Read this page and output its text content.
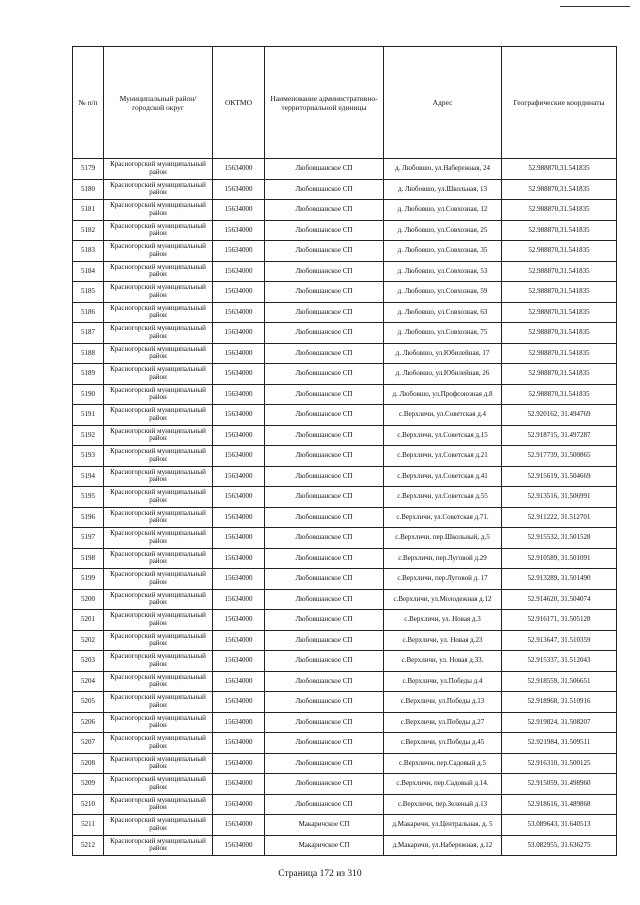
№ п/п	Муниципальный район/городской округ	ОКТМО	Наименование административно-территориальной единицы	Адрес	Географические координаты
5179	Красногорский муниципальный район	15634000	Любовшанское СП	д. Любовшо, ул.Набережная, 24	52.988870,31.541835
5180	Красногорский муниципальный район	15634000	Любовшанское СП	д. Любовшо, ул.Школьная, 13	52.988870,31.541835
5181	Красногорский муниципальный район	15634000	Любовшанское СП	д. Любовшо, ул.Совхозная, 12	52.988870,31.541835
5182	Красногорский муниципальный район	15634000	Любовшанское СП	д. Любовшо, ул.Совхозная, 25	52.988870,31.541835
5183	Красногорский муниципальный район	15634000	Любовшанское СП	д. Любовшо, ул.Совхозная, 35	52.988870,31.541835
5184	Красногорский муниципальный район	15634000	Любовшанское СП	д. Любовшо, ул.Совхозная, 53	52.988870,31.541835
5185	Красногорский муниципальный район	15634000	Любовшанское СП	д. Любовшо, ул.Совхозная, 59	52.988870,31.541835
5186	Красногорский муниципальный район	15634000	Любовшанское СП	д. Любовшо, ул.Совхозная, 63	52.988870,31.541835
5187	Красногорский муниципальный район	15634000	Любовшанское СП	д. Любовшо, ул.Совхозная, 75	52.988870,31.541835
5188	Красногорский муниципальный район	15634000	Любовшанское СП	д. Любовшо, ул.Юбилейная, 17	52.988870,31.541835
5189	Красногорский муниципальный район	15634000	Любовшанское СП	д. Любовшо, ул.Юбилейная, 26	52.988870,31.541835
5190	Красногорский муниципальный район	15634000	Любовшанское СП	д. Любовшо, ул.Профсоюзная д.8	52.988870,31.541835
5191	Красногорский муниципальный район	15634000	Любовшанское СП	с.Верхличи, ул.Советская д.4	52.920162, 31.494769
5192	Красногорский муниципальный район	15634000	Любовшанское СП	с.Верхличи, ул.Советская д.15	52.918715, 31.497287
5193	Красногорский муниципальный район	15634000	Любовшанское СП	с.Верхличи, ул.Советская д.21	52.917739, 31.500865
5194	Красногорский муниципальный район	15634000	Любовшанское СП	с.Верхличи, ул.Советская д.41	52.915619, 31.504669
5195	Красногорский муниципальный район	15634000	Любовшанское СП	с.Верхличи, ул.Советская д.55	52.913516, 31.506991
5196	Красногорский муниципальный район	15634000	Любовшанское СП	с.Верхличи, ул.Советская д.71.	52.911222, 31.512701
5197	Красногорский муниципальный район	15634000	Любовшанское СП	с.Верхличи, пер.Школьный, д.5	52.915532, 31.501528
5198	Красногорский муниципальный район	15634000	Любовшанское СП	с.Верхличи, пер.Луговой д.29	52.910589, 31.501091
5199	Красногорский муниципальный район	15634000	Любовшанское СП	с.Верхличи, пер.Луговой д. 17	52.913289, 31.501490
5200	Красногорский муниципальный район	15634000	Любовшанское СП	с.Верхличи, ул.Молодежная д.12	52.914620, 31.504074
5201	Красногорский муниципальный район	15634000	Любовшанское СП	с.Верхличи, ул. Новая д.3	52.916171, 31.505128
5202	Красногорский муниципальный район	15634000	Любовшанское СП	с.Верхличи, ул. Новая д.23	52.913647, 31.510359
5203	Красногорский муниципальный район	15634000	Любовшанское СП	с.Верхличи, ул. Новая д.33.	52.915337, 31.512043
5204	Красногорский муниципальный район	15634000	Любовшанское СП	с.Верхличи, ул.Победы д.4	52.918559, 31.506651
5205	Красногорский муниципальный район	15634000	Любовшанское СП	с.Верхличи, ул.Победы д.13	52.918968, 31.510916
5206	Красногорский муниципальный район	15634000	Любовшанское СП	с.Верхличи, ул.Победы д.27	52.919824, 31.508207
5207	Красногорский муниципальный район	15634000	Любовшанское СП	с.Верхличи, ул.Победы д.45	52.921984, 31.509511
5208	Красногорский муниципальный район	15634000	Любовшанское СП	с.Верхличи, пер.Садовый д.5	52.916310, 31.500125
5209	Красногорский муниципальный район	15634000	Любовшанское СП	с.Верхличи, пер.Садовый д.14.	52.915059, 31.498960
5210	Красногорский муниципальный район	15634000	Любовшанское СП	с.Верхличи, пер.Зеленый д.13	52.918616, 31.489868
5211	Красногорский муниципальный район	15634000	Макаричское СП	д.Макаричи, ул.Центральная, д. 5	53.089643, 31.640513
5212	Красногорский муниципальный район	15634000	Макаричское СП	д.Макаричи, ул.Набережная, д.12	53.082955, 31.636275
Страница 172 из 310
